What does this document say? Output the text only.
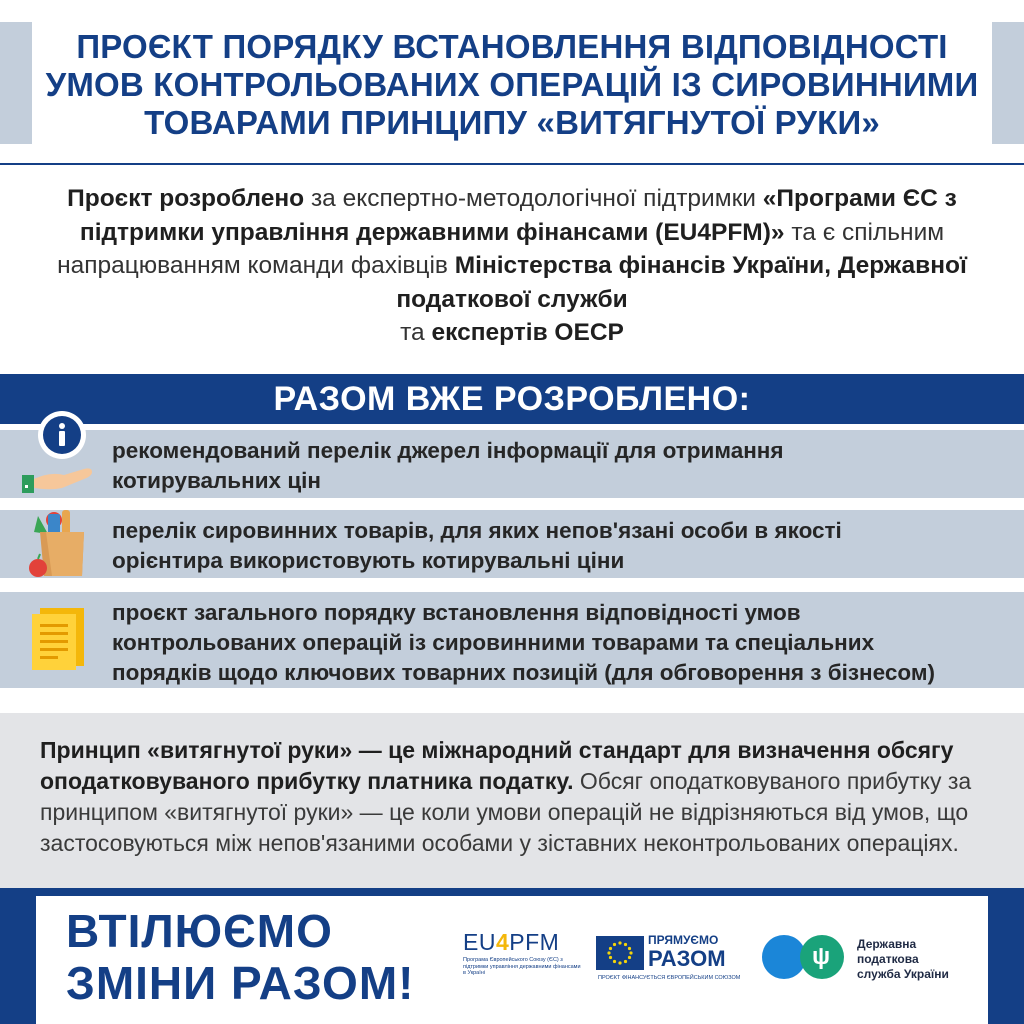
ПРОЄКТ ПОРЯДКУ ВСТАНОВЛЕННЯ ВІДПОВІДНОСТІ
УМОВ КОНТРОЛЬОВАНИХ ОПЕРАЦІЙ ІЗ СИРОВИННИМИ
ТОВАРАМИ ПРИНЦИПУ «ВИТЯГНУТОЇ РУКИ»
Проєкт розроблено за експертно-методологічної підтримки «Програми ЄС з підтримки управління державними фінансами (EU4PFM)» та є спільним напрацюванням команди фахівців Міністерства фінансів України, Державної податкової служби
та експертів ОЕСР
РАЗОМ ВЖЕ РОЗРОБЛЕНО:
рекомендований перелік джерел інформації для отримання
котирувальних цін
перелік сировинних товарів, для яких непов'язані особи в якості
орієнтира використовують котирувальні ціни
проєкт загального порядку встановлення відповідності умов
контрольованих операцій із сировинними товарами та спеціальних
порядків щодо ключових товарних позицій (для обговорення з бізнесом)
Принцип «витягнутої руки» — це міжнародний стандарт для визначення обсягу оподатковуваного прибутку платника податку. Обсяг оподатковуваного прибутку за принципом «витягнутої руки» — це коли умови операцій не відрізняються від умов, що застосовуються між непов'язаними особами у зіставних неконтрольованих операціях.
ВТІЛЮЄМО
ЗМІНИ РАЗОМ!
EU4PFM
Програма Європейського Союзу (ЄС) з підтримки управління державними фінансами в Україні
ПРЯМУЄМО
РАЗОМ
ПРОЄКТ ФІНАНСУЄТЬСЯ ЄВРОПЕЙСЬКИМ СОЮЗОМ
ψ Державна
податкова
служба України
